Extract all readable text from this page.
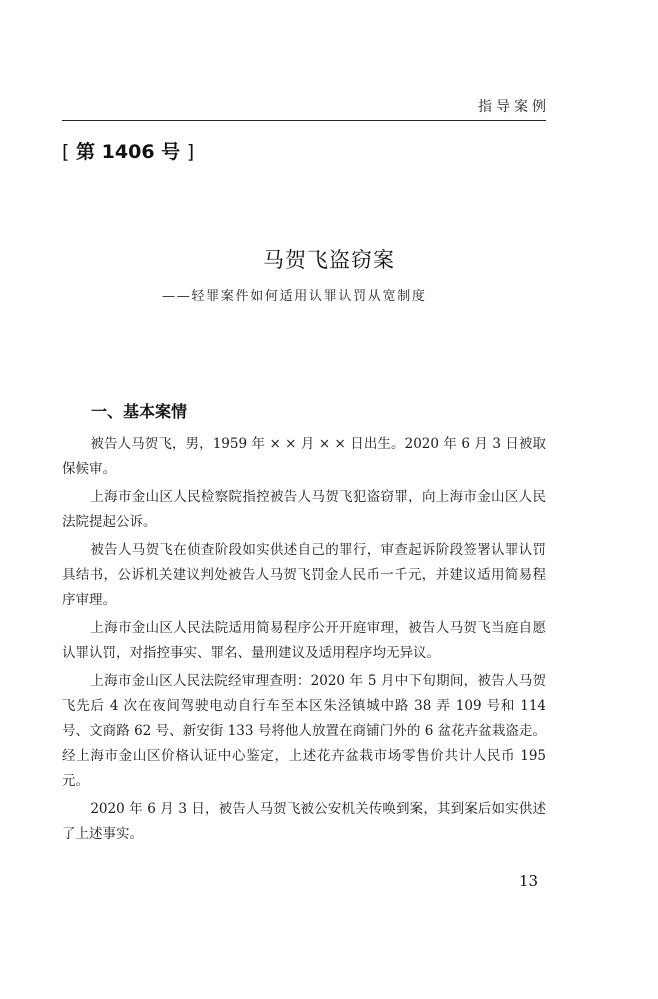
指导案例
[ 第 1406 号 ]
马贺飞盗窃案
——轻罪案件如何适用认罪认罚从宽制度
一、基本案情

被告人马贺飞，男，1959 年 × × 月 × × 日出生。2020 年 6 月 3 日被取保候审。

上海市金山区人民检察院指控被告人马贺飞犯盗窃罪，向上海市金山区人民法院提起公诉。

被告人马贺飞在侦查阶段如实供述自己的罪行，审查起诉阶段签署认罪认罚具结书，公诉机关建议判处被告人马贺飞罚金人民币一千元，并建议适用简易程序审理。

上海市金山区人民法院适用简易程序公开开庭审理，被告人马贺飞当庭自愿认罪认罚，对指控事实、罪名、量刑建议及适用程序均无异议。

上海市金山区人民法院经审理查明：2020 年 5 月中下旬期间，被告人马贺飞先后 4 次在夜间驾驶电动自行车至本区朱泾镇城中路 38 弄 109 号和 114 号、文商路 62 号、新安街 133 号将他人放置在商铺门外的 6 盆花卉盆栽盗走。经上海市金山区价格认证中心鉴定，上述花卉盆栽市场零售价共计人民币 195 元。

2020 年 6 月 3 日，被告人马贺飞被公安机关传唤到案，其到案后如实供述了上述事实。

13
